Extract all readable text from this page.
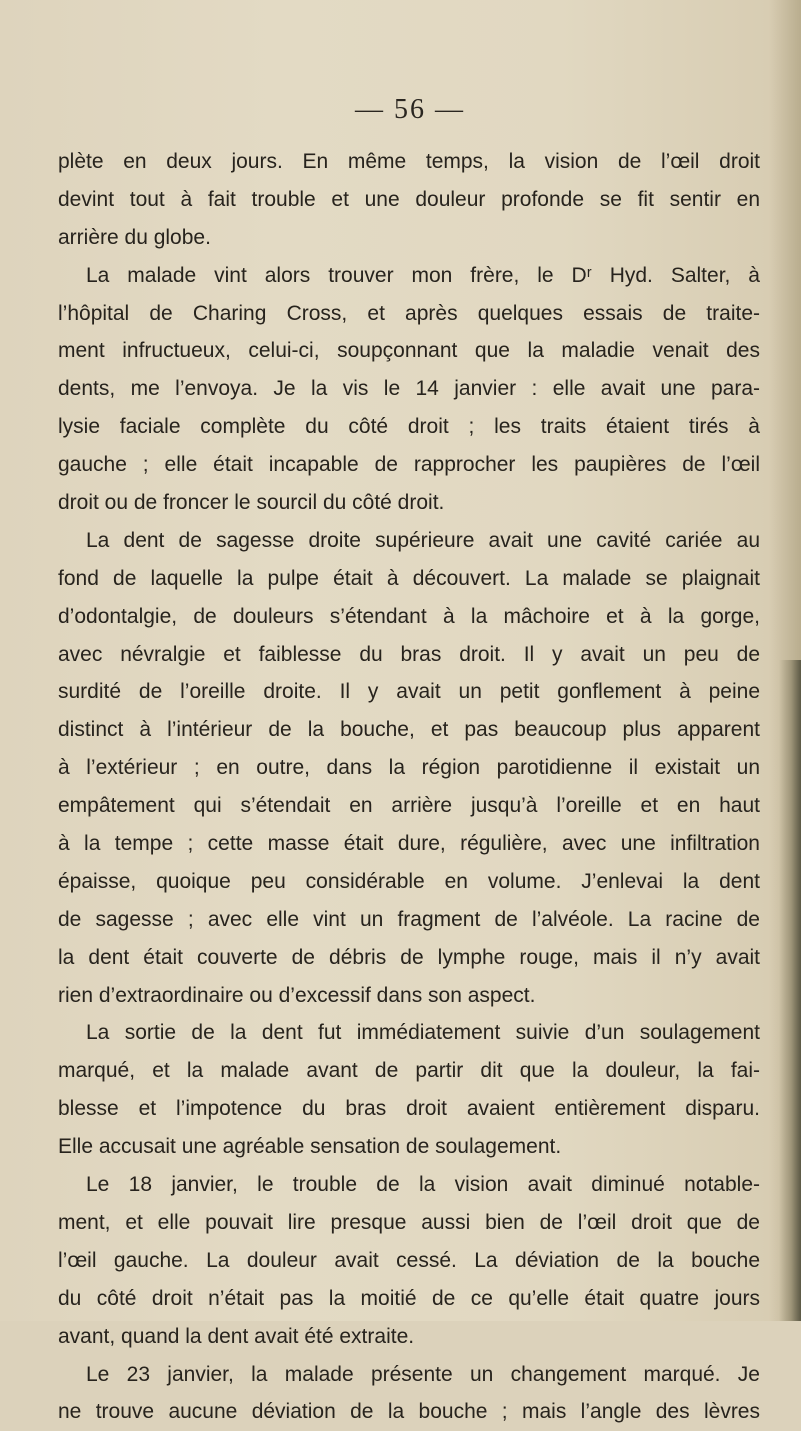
— 56 —
plète en deux jours. En même temps, la vision de l’œil droit
devint tout à fait trouble et une douleur profonde se fit sentir en
arrière du globe.
La malade vint alors trouver mon frère, le Dʳ Hyd. Salter, à
l’hôpital de Charing Cross, et après quelques essais de traite-
ment infructueux, celui-ci, soupçonnant que la maladie venait des
dents, me l’envoya. Je la vis le 14 janvier : elle avait une para-
lysie faciale complète du côté droit ; les traits étaient tirés à
gauche ; elle était incapable de rapprocher les paupières de l’œil
droit ou de froncer le sourcil du côté droit.
La dent de sagesse droite supérieure avait une cavité cariée au
fond de laquelle la pulpe était à découvert. La malade se plaignait
d’odontalgie, de douleurs s’étendant à la mâchoire et à la gorge,
avec névralgie et faiblesse du bras droit. Il y avait un peu de
surdité de l’oreille droite. Il y avait un petit gonflement à peine
distinct à l’intérieur de la bouche, et pas beaucoup plus apparent
à l’extérieur ; en outre, dans la région parotidienne il existait un
empâtement qui s’étendait en arrière jusqu’à l’oreille et en haut
à la tempe ; cette masse était dure, régulière, avec une infiltration
épaisse, quoique peu considérable en volume. J’enlevai la dent
de sagesse ; avec elle vint un fragment de l’alvéole. La racine de
la dent était couverte de débris de lymphe rouge, mais il n’y avait
rien d’extraordinaire ou d’excessif dans son aspect.
La sortie de la dent fut immédiatement suivie d’un soulagement
marqué, et la malade avant de partir dit que la douleur, la fai-
blesse et l’impotence du bras droit avaient entièrement disparu.
Elle accusait une agréable sensation de soulagement.
Le 18 janvier, le trouble de la vision avait diminué notable-
ment, et elle pouvait lire presque aussi bien de l’œil droit que de
l’œil gauche. La douleur avait cessé. La déviation de la bouche
du côté droit n’était pas la moitié de ce qu’elle était quatre jours
avant, quand la dent avait été extraite.
Le 23 janvier, la malade présente un changement marqué. Je
ne trouve aucune déviation de la bouche ; mais l’angle des lèvres
